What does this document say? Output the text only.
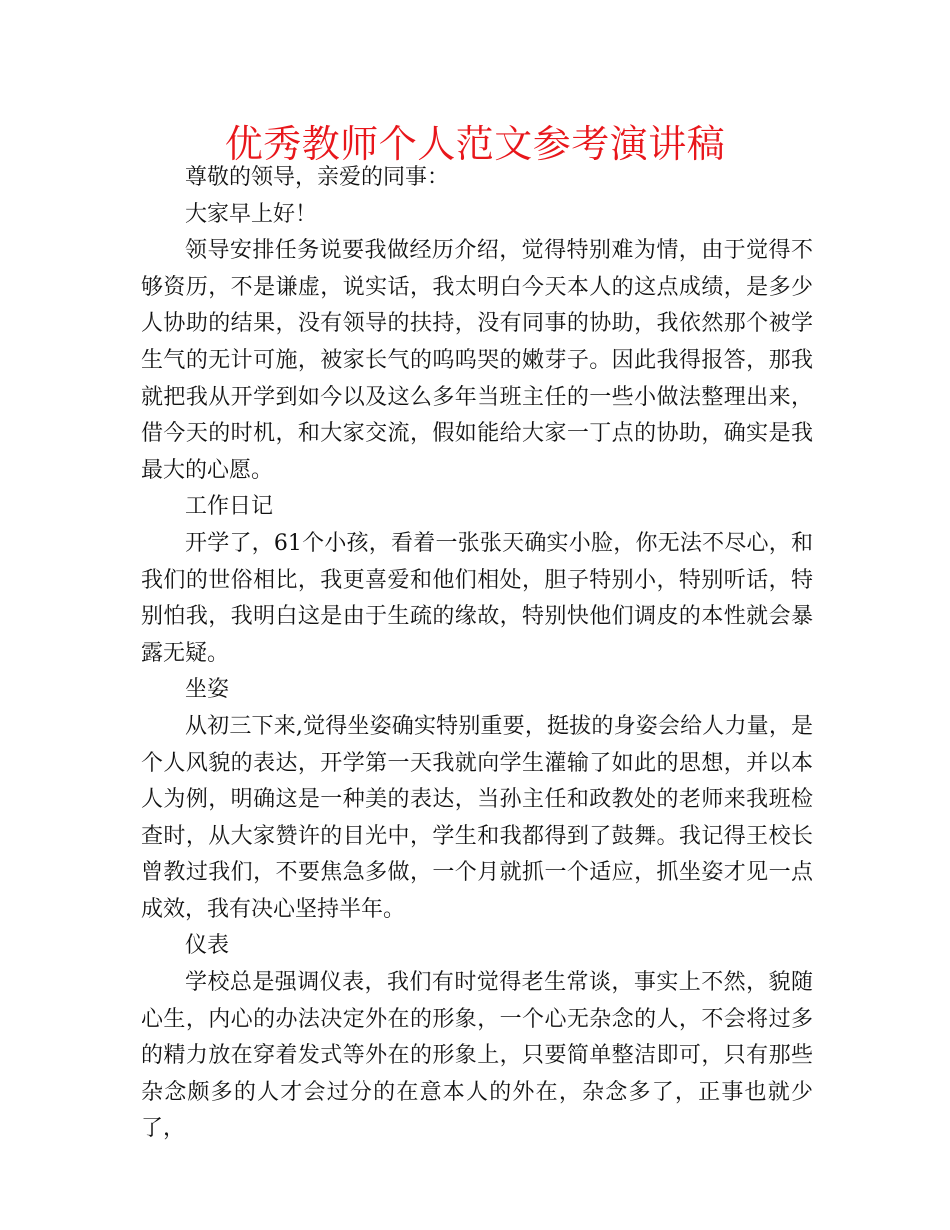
优秀教师个人范文参考演讲稿

尊敬的领导，亲爱的同事：

大家早上好！

领导安排任务说要我做经历介绍，觉得特别难为情，由于觉得不够资历，不是谦虚，说实话，我太明白今天本人的这点成绩，是多少人协助的结果，没有领导的扶持，没有同事的协助，我依然那个被学生气的无计可施，被家长气的呜呜哭的嫩芽子。因此我得报答，那我就把我从开学到如今以及这么多年当班主任的一些小做法整理出来，借今天的时机，和大家交流，假如能给大家一丁点的协助，确实是我最大的心愿。

工作日记

开学了，61个小孩，看着一张张天确实小脸，你无法不尽心，和我们的世俗相比，我更喜爱和他们相处，胆子特别小，特别听话，特别怕我，我明白这是由于生疏的缘故，特别快他们调皮的本性就会暴露无疑。

坐姿

从初三下来,觉得坐姿确实特别重要，挺拔的身姿会给人力量，是个人风貌的表达，开学第一天我就向学生灌输了如此的思想，并以本人为例，明确这是一种美的表达，当孙主任和政教处的老师来我班检查时，从大家赞许的目光中，学生和我都得到了鼓舞。我记得王校长曾教过我们，不要焦急多做，一个月就抓一个适应，抓坐姿才见一点成效，我有决心坚持半年。

仪表

学校总是强调仪表，我们有时觉得老生常谈，事实上不然，貌随心生，内心的办法决定外在的形象，一个心无杂念的人，不会将过多的精力放在穿着发式等外在的形象上，只要简单整洁即可，只有那些杂念颇多的人才会过分的在意本人的外在，杂念多了，正事也就少了，
